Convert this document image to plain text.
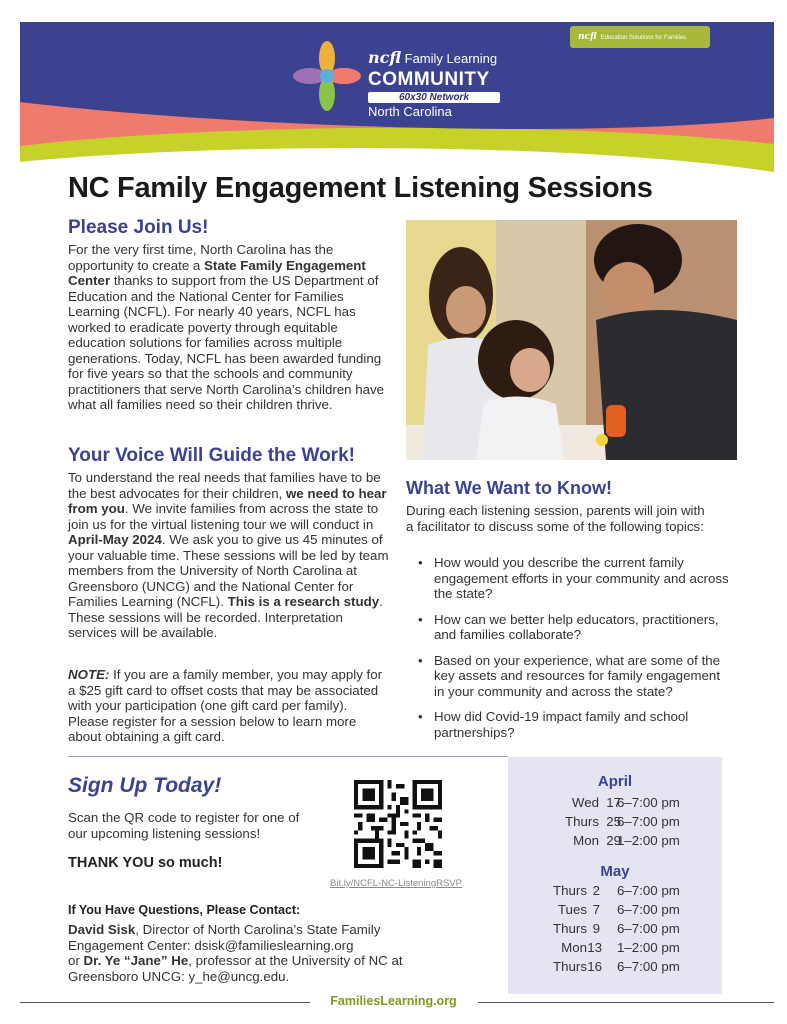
ncfl Family Learning
COMMUNITY
60x30 Network
North Carolina
ncfl Education Solutions for Families
NC Family Engagement Listening Sessions
Please Join Us!

For the very first time, North Carolina has the opportunity to create a State Family Engagement Center thanks to support from the US Department of Education and the National Center for Families Learning (NCFL). For nearly 40 years, NCFL has worked to eradicate poverty through equitable education solutions for families across multiple generations. Today, NCFL has been awarded funding for five years so that the schools and community practitioners that serve North Carolina’s children have what all families need so their children thrive.

Your Voice Will Guide the Work!

To understand the real needs that families have to be the best advocates for their children, we need to hear from you. We invite families from across the state to join us for the virtual listening tour we will conduct in April-May 2024. We ask you to give us 45 minutes of your valuable time. These sessions will be led by team members from the University of North Carolina at Greensboro (UNCG) and the National Center for Families Learning (NCFL). This is a research study. These sessions will be recorded. Interpretation services will be available.

NOTE: If you are a family member, you may apply for a $25 gift card to offset costs that may be associated with your participation (one gift card per family). Please register for a session below to learn more about obtaining a gift card.

What We Want to Know!

During each listening session, parents will join with a facilitator to discuss some of the following topics:

• How would you describe the current family engagement efforts in your community and across the state?
• How can we better help educators, practitioners, and families collaborate?
• Based on your experience, what are some of the key assets and resources for family engagement in your community and across the state?
• How did Covid-19 impact family and school partnerships?
Sign Up Today!

Scan the QR code to register for one of our upcoming listening sessions!

THANK YOU so much!
Bit.ly/NCFL-NC-ListeningRSVP
If You Have Questions, Please Contact:

David Sisk, Director of North Carolina’s State Family Engagement Center: dsisk@familieslearning.org
or Dr. Ye “Jane” He, professor at the University of NC at Greensboro UNCG: y_he@uncg.edu.

April
Wed 17
6–7:00 pm
Thurs 25
6–7:00 pm
Mon 29
1–2:00 pm
May
Thurs 2 6–7:00 pm
Tues 7 6–7:00 pm
Thurs 9 6–7:00 pm
Mon 13 1–2:00 pm
Thurs 16 6–7:00 pm
FamiliesLearning.org
